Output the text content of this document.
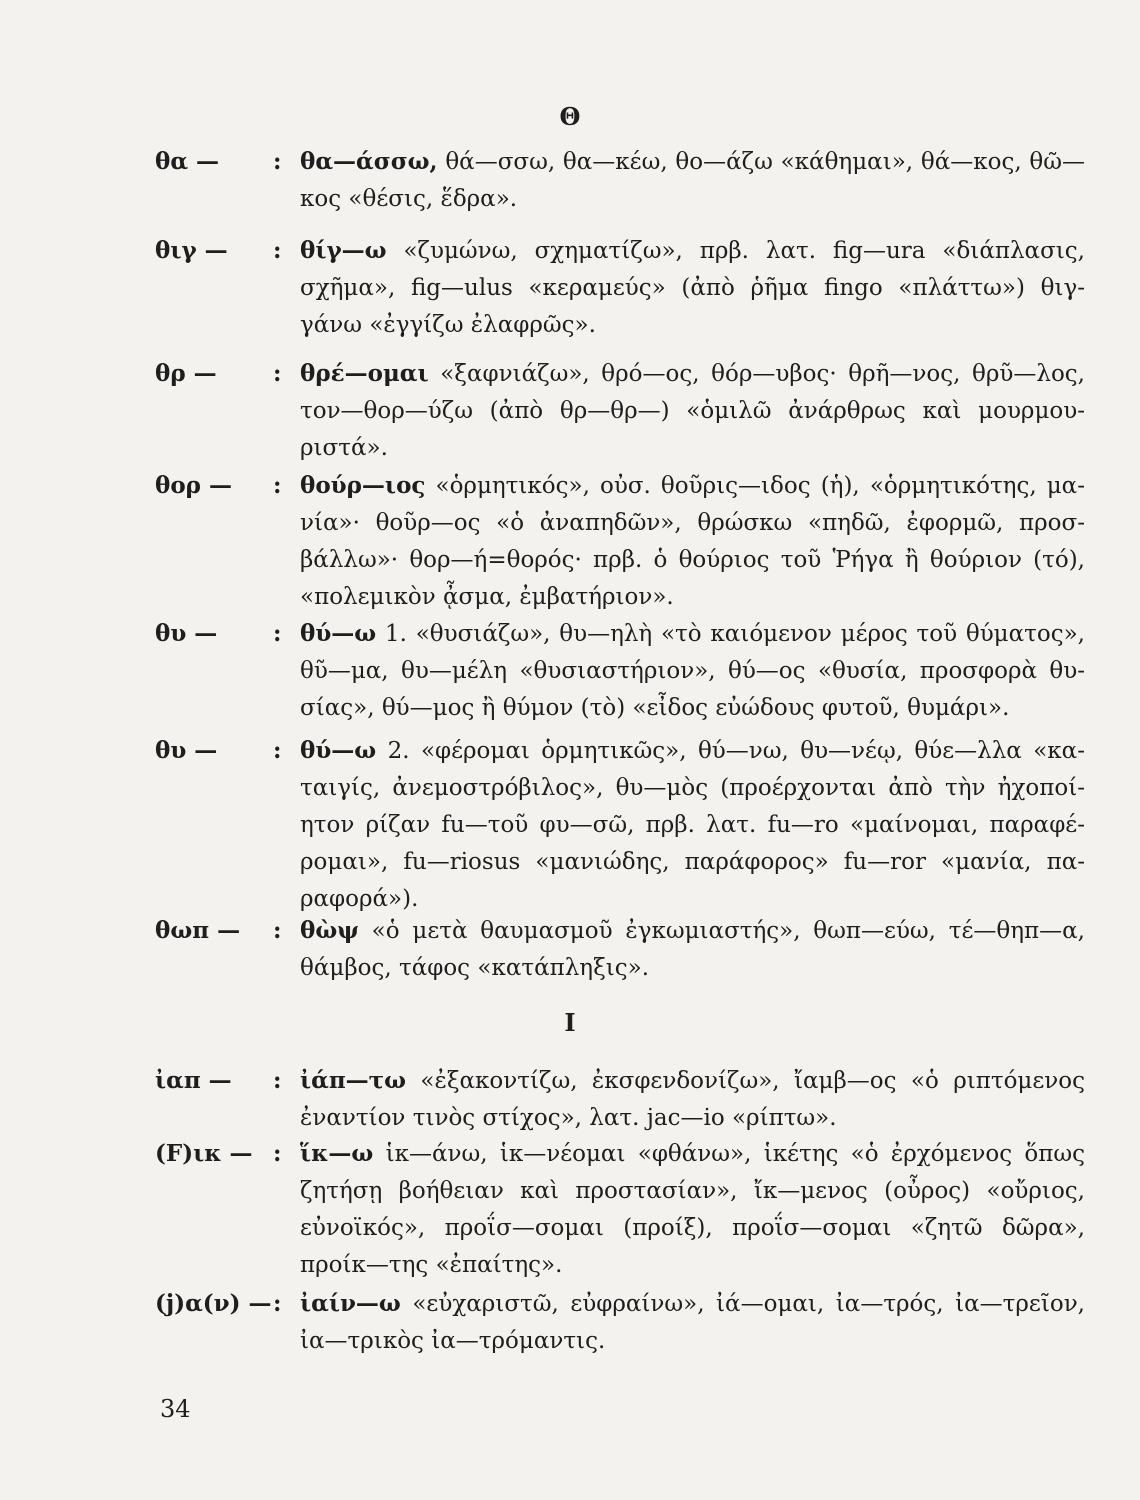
Θ
θα —	: θα—άσσω, θά—σσω, θα—κέω, θο—άζω «κάθημαι», θά—κος, θῶ—κος «θέσις, ἕδρα».
θιγ —	: θίγ—ω «ζυμώνω, σχηματίζω», πρβ. λατ. fig—ura «διάπλασις, σχῆμα», fig—ulus «κεραμεύς» (ἀπὸ ῥῆμα fingo «πλάττω») θιγ-γάνω «ἐγγίζω ἐλαφρῶς».
θρ —	: θρέ—ομαι «ξαφνιάζω», θρό—ος, θόρ—υβος· θρῆ—νος, θρῦ—λος, τον—θορ—ύζω (ἀπὸ θρ—θρ—) «ὁμιλῶ ἀνάρθρως καὶ μουρμου-ριστά».
θορ —	: θούρ—ιος «ὁρμητικός», οὐσ. θοῦρις—ιδος (ἡ), «ὁρμητικότης, μα-νία»· θοῦρ—ος «ὁ ἀναπηδῶν», θρώσκω «πηδῶ, ἐφορμῶ, προσ-βάλλω»· θορ—ή=θορός· πρβ. ὁ θούριος τοῦ Ῥήγα ἢ θούριον (τό), «πολεμικὸν ᾆσμα, ἐμβατήριον».
θυ —	: θύ—ω 1. «θυσιάζω», θυ—ηλὴ «τὸ καιόμενον μέρος τοῦ θύματος», θῦ—μα, θυ—μέλη «θυσιαστήριον», θύ—ος «θυσία, προσφορὰ θυ-σίας», θύ—μος ἢ θύμον (τὸ) «εἶδος εὐώδους φυτοῦ, θυμάρι».
θυ —	: θύ—ω 2. «φέρομαι ὁρμητικῶς», θύ—νω, θυ—νέῳ, θύε—λλα «κα-ταιγίς, ἀνεμοστρόβιλος», θυ—μὸς (προέρχονται ἀπὸ τὴν ἠχοποί-ητον ρίζαν fu—τοῦ φυ—σῶ, πρβ. λατ. fu—ro «μαίνομαι, παραφέ-ρομαι», fu—riosus «μανιώδης, παράφορος» fu—ror «μανία, πα-ραφορά»).
θωπ —	: θὼψ «ὁ μετὰ θαυμασμοῦ ἐγκωμιαστής», θωπ—εύω, τέ—θηπ—α, θάμβος, τάφος «κατάπληξις».
Ι
ἰαπ —	: ἰάπ—τω «ἐξακοντίζω, ἐκσφενδονίζω», ἴαμβ—ος «ὁ ριπτόμενος ἐναντίον τινὸς στίχος», λατ. jac—io «ρίπτω».
(F)ικ — : ἵκ—ω ἱκ—άνω, ἱκ—νέομαι «φθάνω», ἱκέτης «ὁ ἐρχόμενος ὅπως ζητήσῃ βοήθειαν καὶ προστασίαν», ἴκ—μενος (οὖρος) «οὔριος, εὐνοϊκός», προΐσ—σομαι (προίξ), προΐσ—σομαι «ζητῶ δῶρα», προίκ—της «ἐπαίτης».
(j)α(ν) — : ἰαίν—ω «εὐχαριστῶ, εὐφραίνω», ἰά—ομαι, ἰα—τρός, ἰα—τρεῖον, ἰα—τρικὸς ἰα—τρόμαντις.
34
